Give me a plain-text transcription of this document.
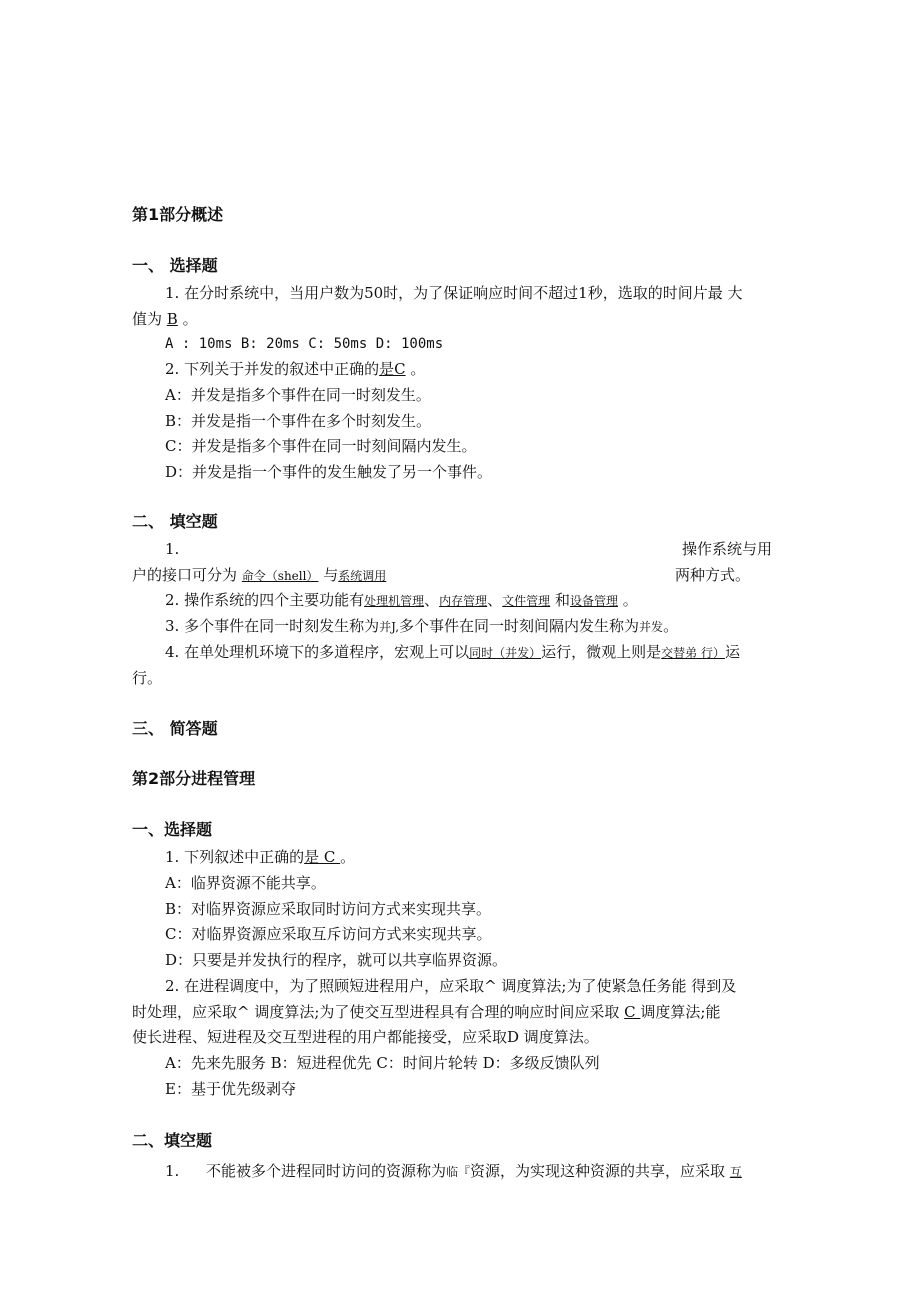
第1部分概述
一、 选择题
1. 在分时系统中，当用户数为50时，为了保证响应时间不超过1秒，选取的时间片最 大
值为 B 。
A : 10ms B: 20ms C: 50ms D: 100ms
2. 下列关于并发的叙述中正确的是C 。
A：并发是指多个事件在同一时刻发生。
B：并发是指一个事件在多个时刻发生。
C：并发是指多个事件在同一时刻间隔内发生。
D：并发是指一个事件的发生触发了另一个事件。
二、 填空题
1.	操作系统与用
户的接口可分为 命令（shell） 与系统调用	两种方式。
2. 操作系统的四个主要功能有处理机管理、内存管理、文件管理 和设备管理 。
3. 多个事件在同一时刻发生称为并J,多个事件在同一时刻间隔内发生称为并发。
4. 在单处理机环境下的多道程序，宏观上可以同时（并发）运行，微观上则是交替弟 行）运
行。
三、 简答题
第2部分进程管理
一、选择题
1. 下列叙述中正确的是 C 。
A：临界资源不能共享。
B：对临界资源应采取同时访问方式来实现共享。
C：对临界资源应采取互斥访问方式来实现共享。
D：只要是并发执行的程序，就可以共享临界资源。
2. 在进程调度中，为了照顾短进程用户，应采取^ 调度算法;为了使紧急任务能 得到及
时处理，应采取^ 调度算法;为了使交互型进程具有合理的响应时间应采取 C 调度算法;能
使长进程、短进程及交互型进程的用户都能接受，应采取D 调度算法。
A：先来先服务 B：短进程优先 C：时间片轮转 D：多级反馈队列
E：基于优先级剥夺
二、填空题
1. 不能被多个进程同时访问的资源称为临『资源，为实现这种资源的共享，应采取 互
